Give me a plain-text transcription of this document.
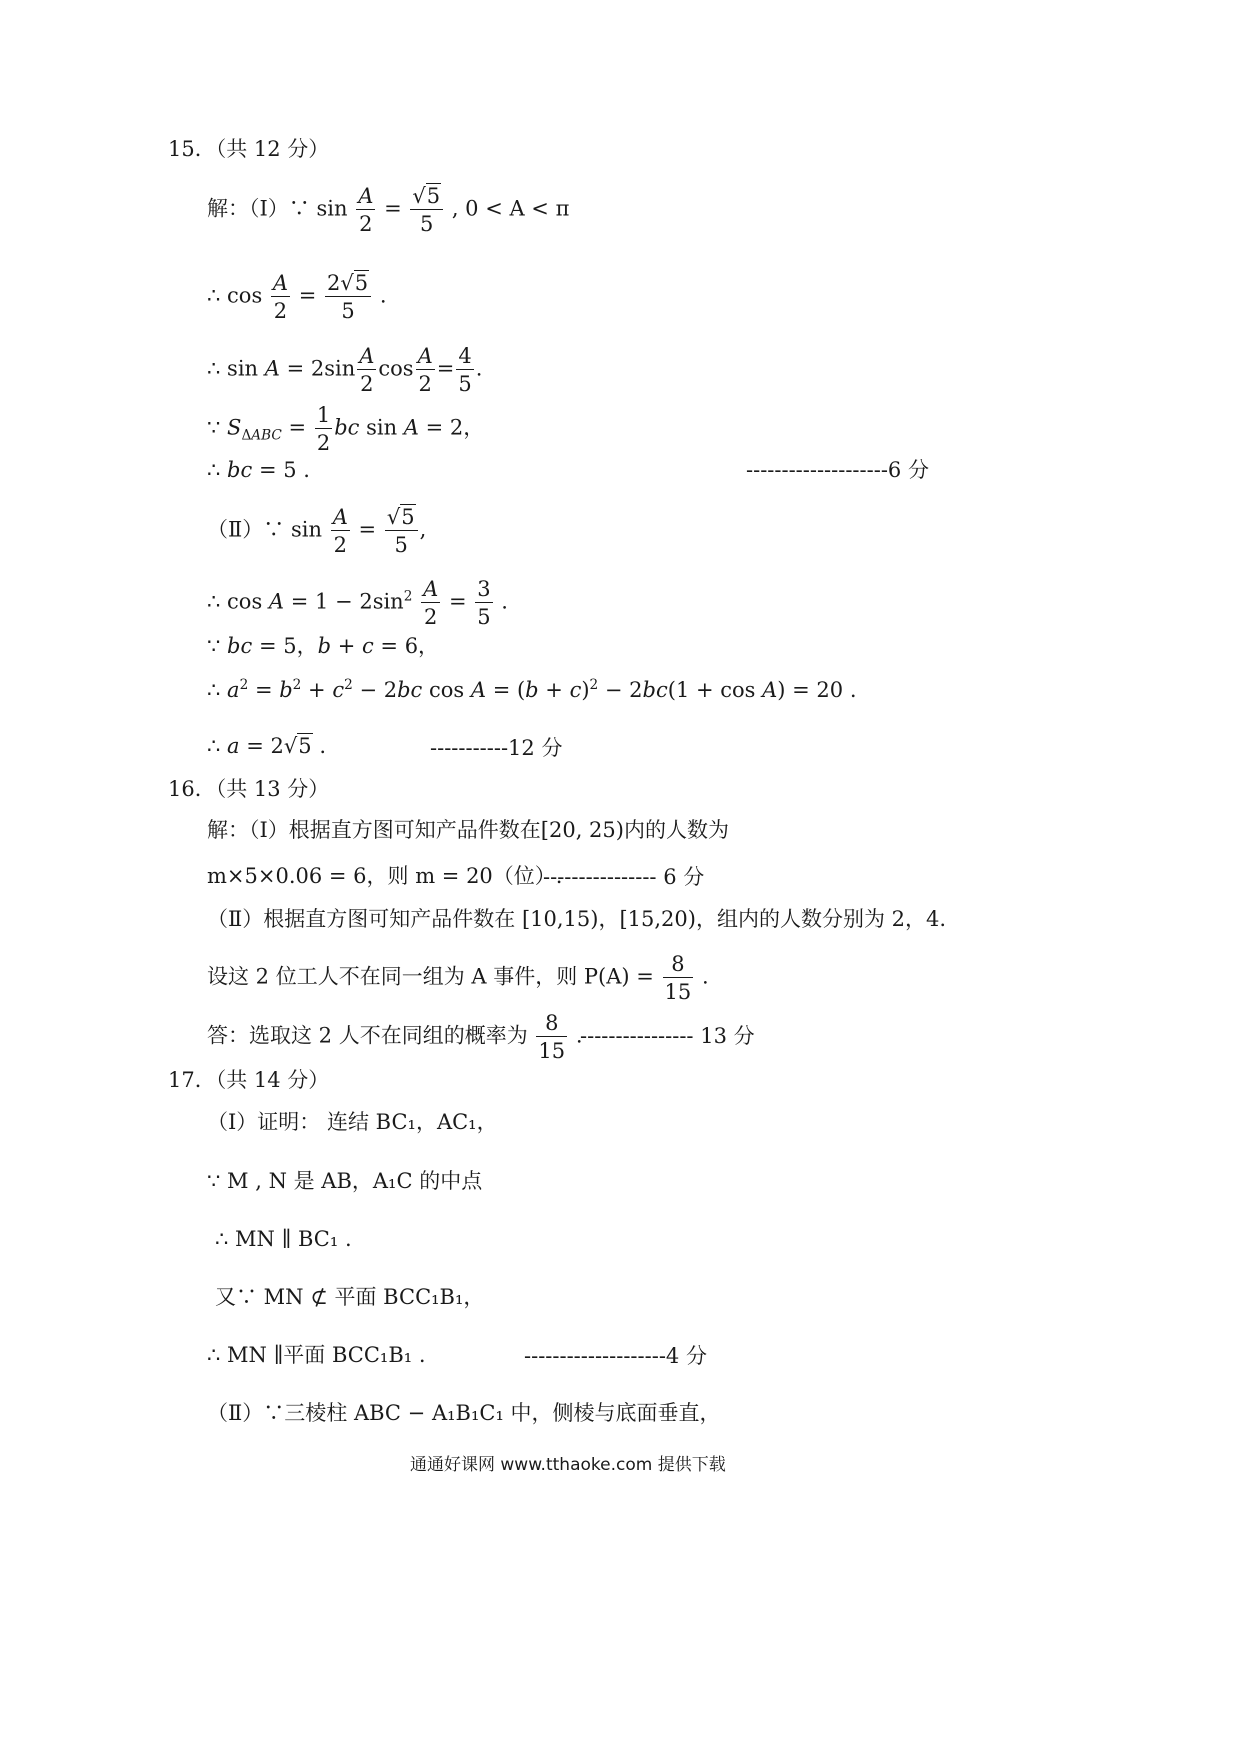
15．（共 12 分）
解：（Ⅰ）∵ $\sin \frac{A}{2} = \frac{√5}{5}$ , 0 < A < π
∴ $\cos \frac{A}{2} = \frac{2√5}{5}$ .
∴ $\sin A = 2\sin \frac{A}{2}$ $\cos \frac{A}{2} = \frac{4}{5}$ .
∵ $S_{\Delta ABC} = \frac{1}{2}$ bc sin A = 2，
∴ bc = 5 .	--------------------6 分
（Ⅱ）∵ $\sin \frac{A}{2} = \frac{√5}{5}$ ,
∴ $\cos A = 1 - 2\sin^2 \frac{A}{2} = \frac{3}{5}$ .
∵ bc = 5，b + c = 6，
∴ $a^2 = b^2 + c^2 - 2bc$ $\cos A = (b + c)^2 - 2bc(1 + \cos A) = 20$ .
∴ a = 2√5 .	-----------12 分
16．（共 13 分）
解：（Ⅰ）根据直方图可知产品件数在[20, 25)内的人数为
m×5×0.06 = 6，则 m = 20（位）.
---------------- 6 分
（Ⅱ）根据直方图可知产品件数在 [10,15)，[15,20)，组内的人数分别为 2，4.
设这 2 位工人不在同一组为 A 事件，则 $P(A) = \frac{8}{15}$ .
答：选取这 2 人不在同组的概率为 $\frac{8}{15}$ .
---------------- 13 分
17．（共 14 分）
（Ⅰ）证明： 连结 BC₁，AC₁，
∵ M , N 是 AB，A₁C 的中点
∴ MN ∥ BC₁ .
又∵ MN ⊄ 平面 BCC₁B₁，
∴ MN ∥平面 BCC₁B₁ .	--------------------4 分
（Ⅱ）∵三棱柱 ABC − A₁B₁C₁ 中，侧棱与底面垂直，
通通好课网 www.tthaoke.com 提供下载
